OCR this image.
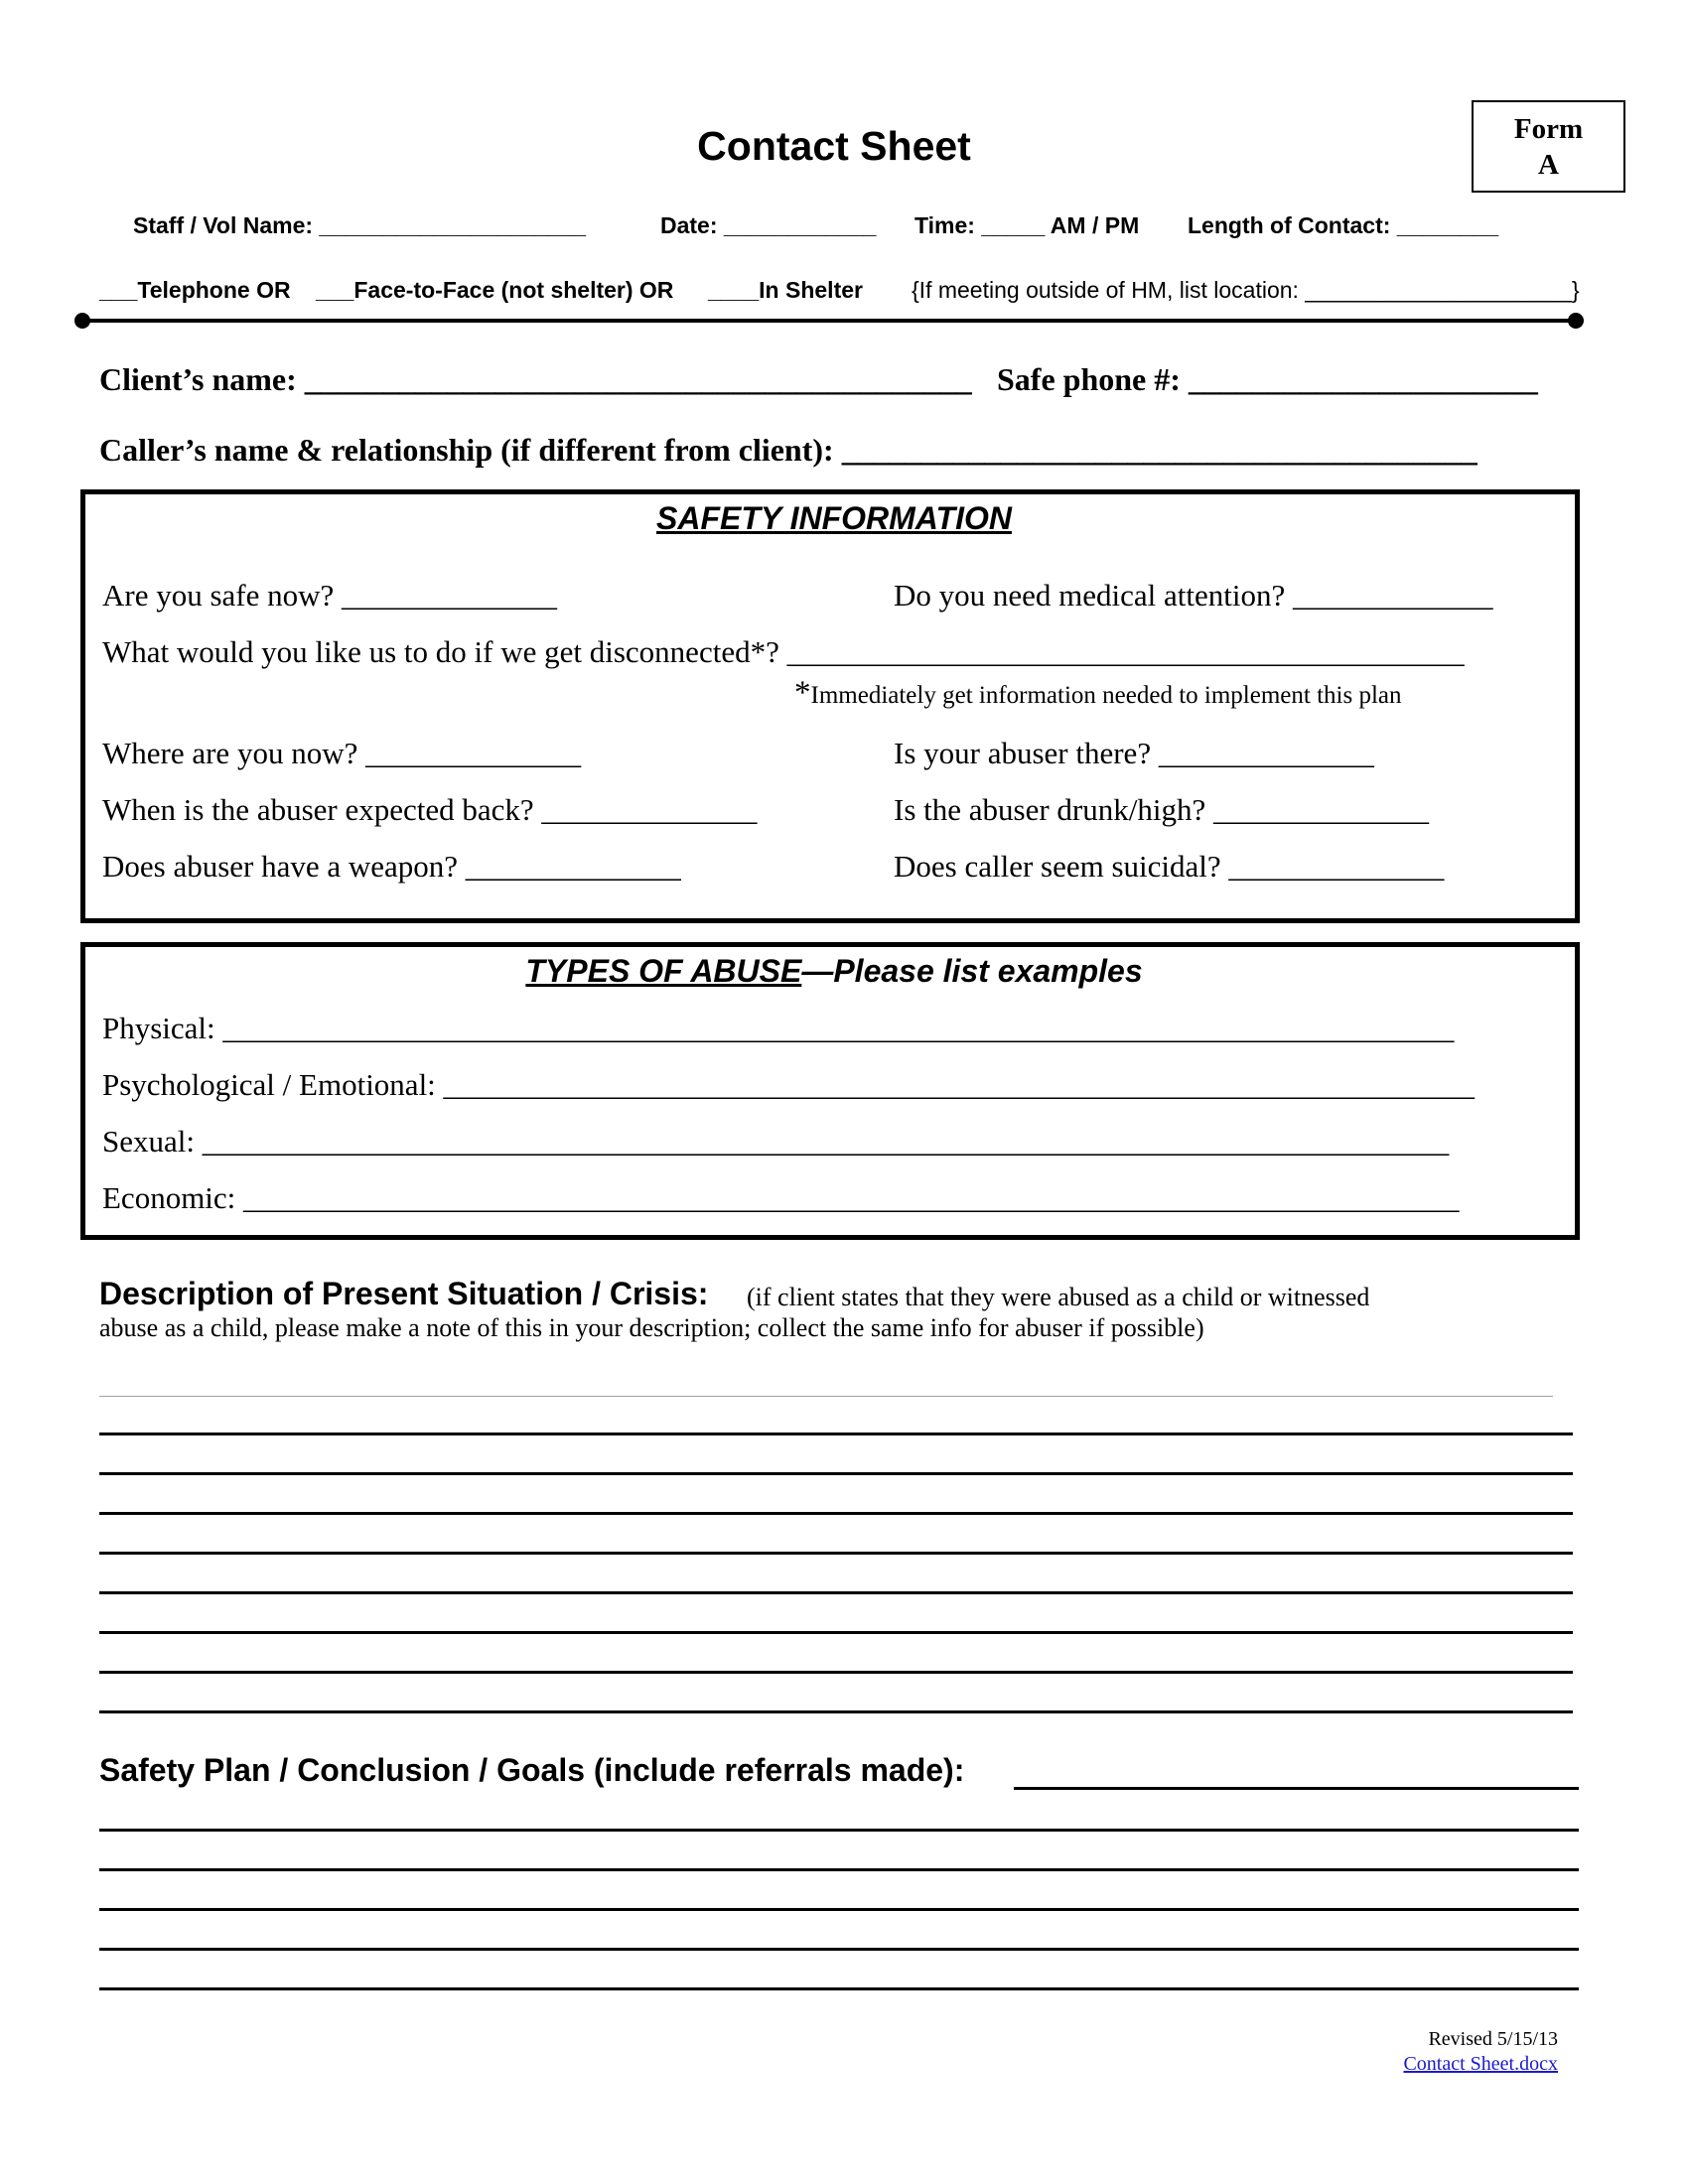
Contact Sheet	Form
A
Staff / Vol Name: _____________________	Date: ____________ Time: _____ AM / PM Length of Contact: ________
___Telephone OR ___Face-to-Face (not shelter) OR ____In Shelter {If meeting outside of HM, list location: _____________________}
Client’s name: __________________________________________ Safe phone #: ______________________
Caller’s name & relationship (if different from client): ________________________________________
SAFETY INFORMATION
Are you safe now? ______________	Do you need medical attention? _____________
What would you like us to do if we get disconnected*? ____________________________________________
*Immediately get information needed to implement this plan
Where are you now? ______________	Is your abuser there? ______________
When is the abuser expected back? ______________	Is the abuser drunk/high? ______________
Does abuser have a weapon? ______________	Does caller seem suicidal? ______________
TYPES OF ABUSE—Please list examples
Physical: ________________________________________________________________________________
Psychological / Emotional: ___________________________________________________________________
Sexual: _________________________________________________________________________________
Economic: _______________________________________________________________________________
Description of Present Situation / Crisis: (if client states that they were abused as a child or witnessed
abuse as a child, please make a note of this in your description; collect the same info for abuser if possible)
Safety Plan / Conclusion / Goals (include referrals made):
Revised 5/15/13
Contact Sheet.docx
